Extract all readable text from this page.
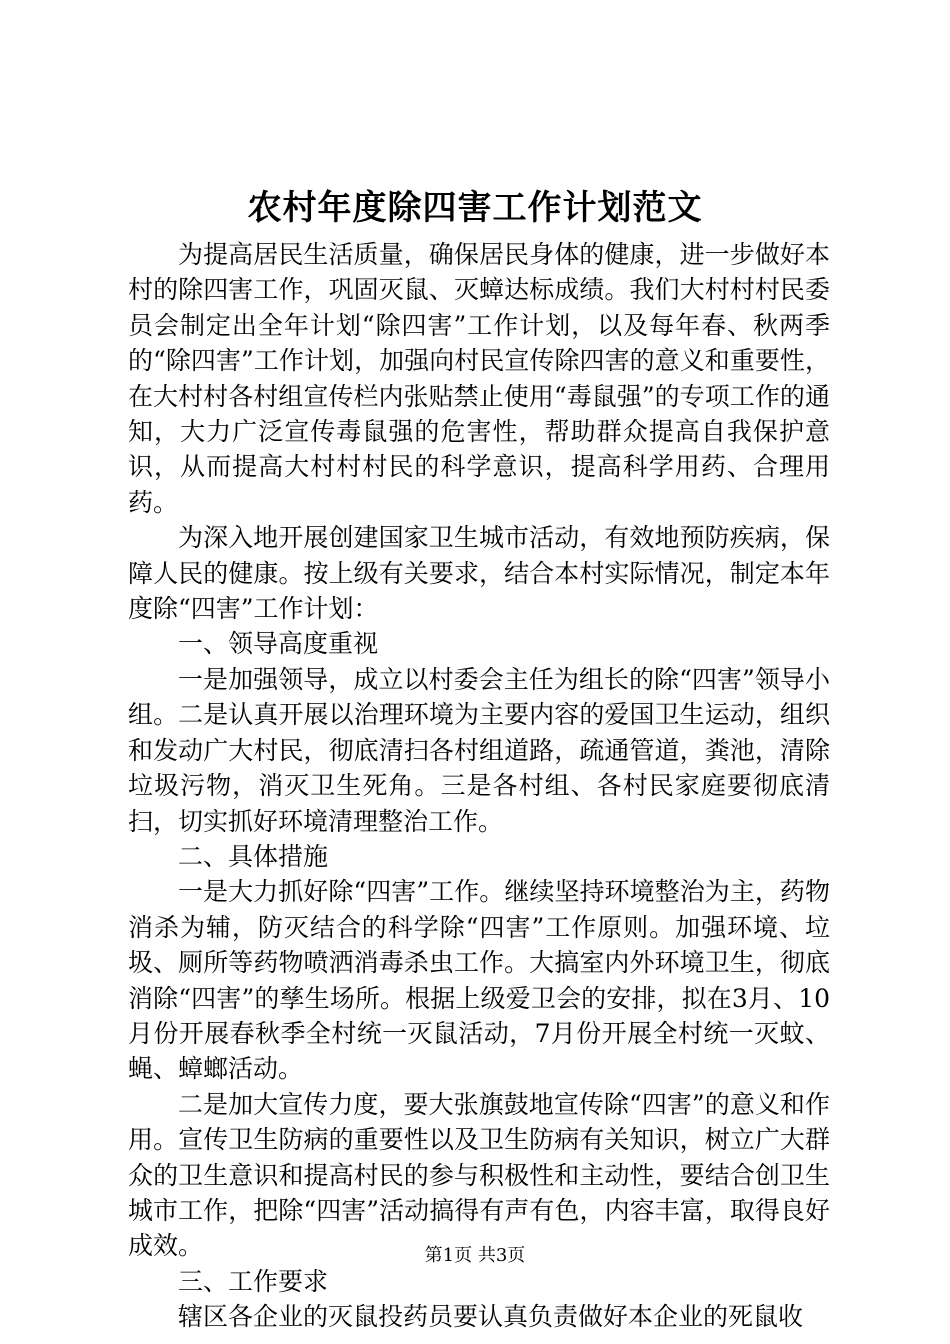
农村年度除四害工作计划范文

为提高居民生活质量，确保居民身体的健康，进一步做好本村的除四害工作，巩固灭鼠、灭蟑达标成绩。我们大村村村民委员会制定出全年计划“除四害”工作计划，以及每年春、秋两季的“除四害”工作计划，加强向村民宣传除四害的意义和重要性，在大村村各村组宣传栏内张贴禁止使用“毒鼠强”的专项工作的通知，大力广泛宣传毒鼠强的危害性，帮助群众提高自我保护意识，从而提高大村村村民的科学意识，提高科学用药、合理用药。

为深入地开展创建国家卫生城市活动，有效地预防疾病，保障人民的健康。按上级有关要求，结合本村实际情况，制定本年度除“四害”工作计划：

一、领导高度重视

一是加强领导，成立以村委会主任为组长的除“四害”领导小组。二是认真开展以治理环境为主要内容的爱国卫生运动，组织和发动广大村民，彻底清扫各村组道路，疏通管道，粪池，清除垃圾污物，消灭卫生死角。三是各村组、各村民家庭要彻底清扫，切实抓好环境清理整治工作。

二、具体措施

一是大力抓好除“四害”工作。继续坚持环境整治为主，药物消杀为辅，防灭结合的科学除“四害”工作原则。加强环境、垃圾、厕所等药物喷洒消毒杀虫工作。大搞室内外环境卫生，彻底消除“四害”的孳生场所。根据上级爱卫会的安排，拟在3月、10月份开展春秋季全村统一灭鼠活动，7月份开展全村统一灭蚊、蝇、蟑螂活动。

二是加大宣传力度，要大张旗鼓地宣传除“四害”的意义和作用。宣传卫生防病的重要性以及卫生防病有关知识，树立广大群众的卫生意识和提高村民的参与积极性和主动性，要结合创卫生城市工作，把除“四害”活动搞得有声有色，内容丰富，取得良好成效。

三、工作要求

辖区各企业的灭鼠投药员要认真负责做好本企业的死鼠收

第1页 共3页
